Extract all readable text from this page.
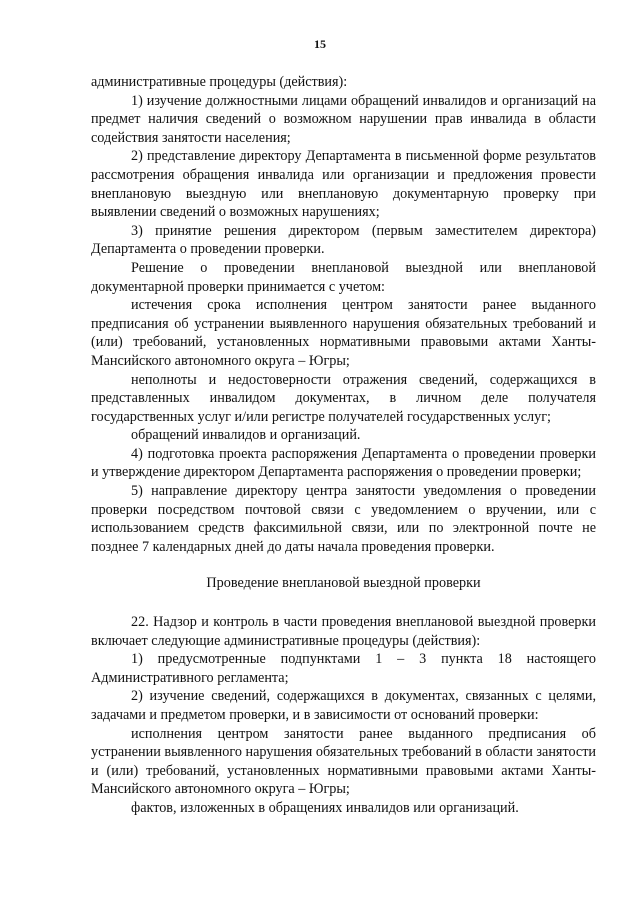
15

административные процедуры (действия):

1) изучение должностными лицами обращений инвалидов и организаций на предмет наличия сведений о возможном нарушении прав инвалида в области содействия занятости населения;

2) представление директору Департамента в письменной форме результатов рассмотрения обращения инвалида или организации и предложения провести внеплановую выездную или внеплановую документарную проверку при выявлении сведений о возможных нарушениях;

3) принятие решения директором (первым заместителем директора) Департамента о проведении проверки.

Решение о проведении внеплановой выездной или внеплановой документарной проверки принимается с учетом:

истечения срока исполнения центром занятости ранее выданного предписания об устранении выявленного нарушения обязательных требований и (или) требований, установленных нормативными правовыми актами Ханты-Мансийского автономного округа – Югры;

неполноты и недостоверности отражения сведений, содержащихся в представленных инвалидом документах, в личном деле получателя государственных услуг и/или регистре получателей государственных услуг;

обращений инвалидов и организаций.

4) подготовка проекта распоряжения Департамента о проведении проверки и утверждение директором Департамента распоряжения о проведении проверки;

5) направление директору центра занятости уведомления о проведении проверки посредством почтовой связи с уведомлением о вручении, или с использованием средств факсимильной связи, или по электронной почте не позднее 7 календарных дней до даты начала проведения проверки.

Проведение внеплановой выездной проверки

22. Надзор и контроль в части проведения внеплановой выездной проверки включает следующие административные процедуры (действия):

1) предусмотренные подпунктами 1 – 3 пункта 18 настоящего Административного регламента;

2) изучение сведений, содержащихся в документах, связанных с целями, задачами и предметом проверки, и в зависимости от оснований проверки:

исполнения центром занятости ранее выданного предписания об устранении выявленного нарушения обязательных требований в области занятости и (или) требований, установленных нормативными правовыми актами Ханты-Мансийского автономного округа – Югры;

фактов, изложенных в обращениях инвалидов или организаций.
